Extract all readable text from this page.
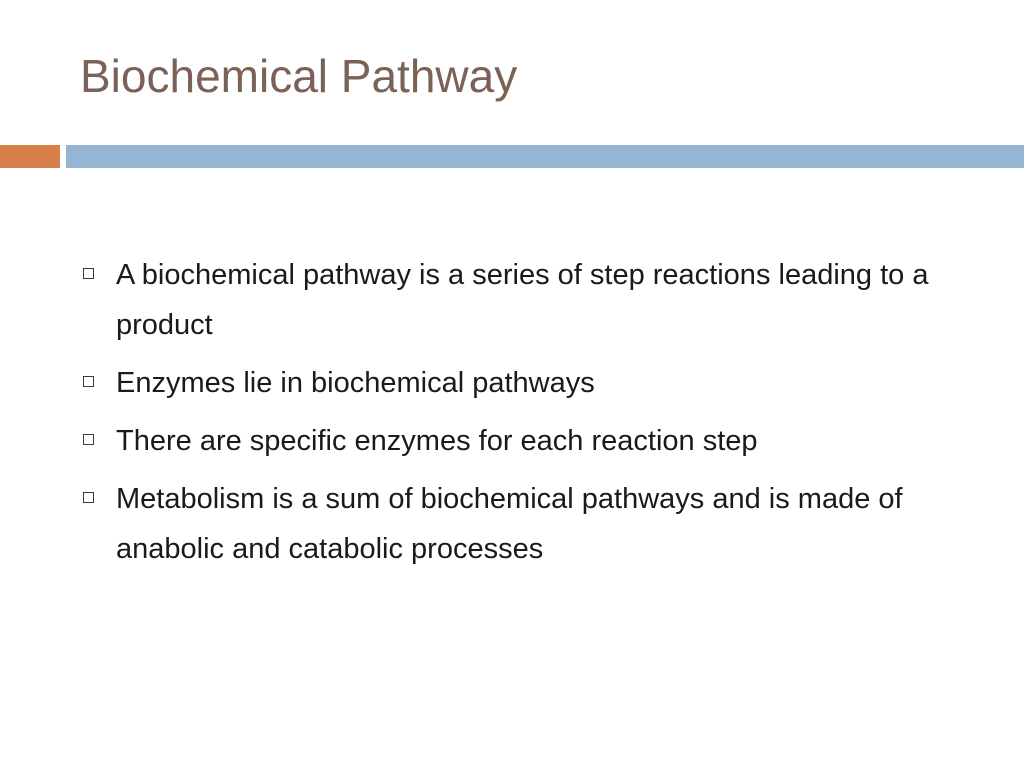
Biochemical Pathway
A biochemical pathway is a series of step reactions leading to a product
Enzymes lie in biochemical pathways
There are specific enzymes for each reaction step
Metabolism is a sum of biochemical pathways and is made of anabolic and catabolic processes
